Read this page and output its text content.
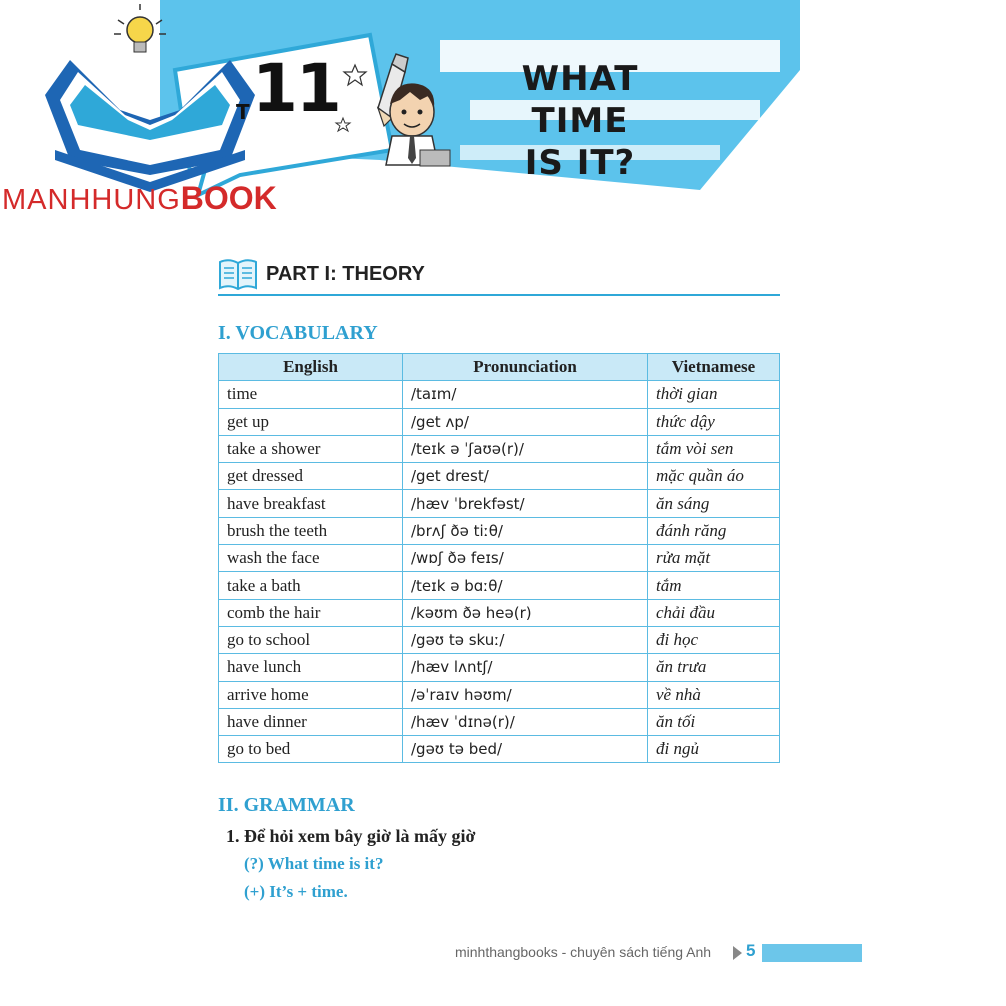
T 11	WHAT TIME
IS IT?
MANHHUNGBOOK
PART I: THEORY
I. VOCABULARY
English	Pronunciation	Vietnamese
time	/taɪm/	thời gian
get up	/get ʌp/	thức dậy
take a shower	/teɪk ə ˈʃaʊə(r)/	tắm vòi sen
get dressed	/get drest/	mặc quần áo
have breakfast	/hæv ˈbrekfəst/	ăn sáng
brush the teeth	/brʌʃ ðə tiːθ/	đánh răng
wash the face	/wɒʃ ðə feɪs/	rửa mặt
take a bath	/teɪk ə bɑːθ/	tắm
comb the hair	/kəʊm ðə heə(r)	chải đầu
go to school	/gəʊ tə skuː/	đi học
have lunch	/hæv lʌntʃ/	ăn trưa
arrive home	/əˈraɪv həʊm/	về nhà
have dinner	/hæv ˈdɪnə(r)/	ăn tối
go to bed	/gəʊ tə bed/	đi ngủ
II. GRAMMAR
1. Để hỏi xem bây giờ là mấy giờ
(?) What time is it?
(+) It’s + time.
minhthangbooks - chuyên sách tiếng Anh 5
